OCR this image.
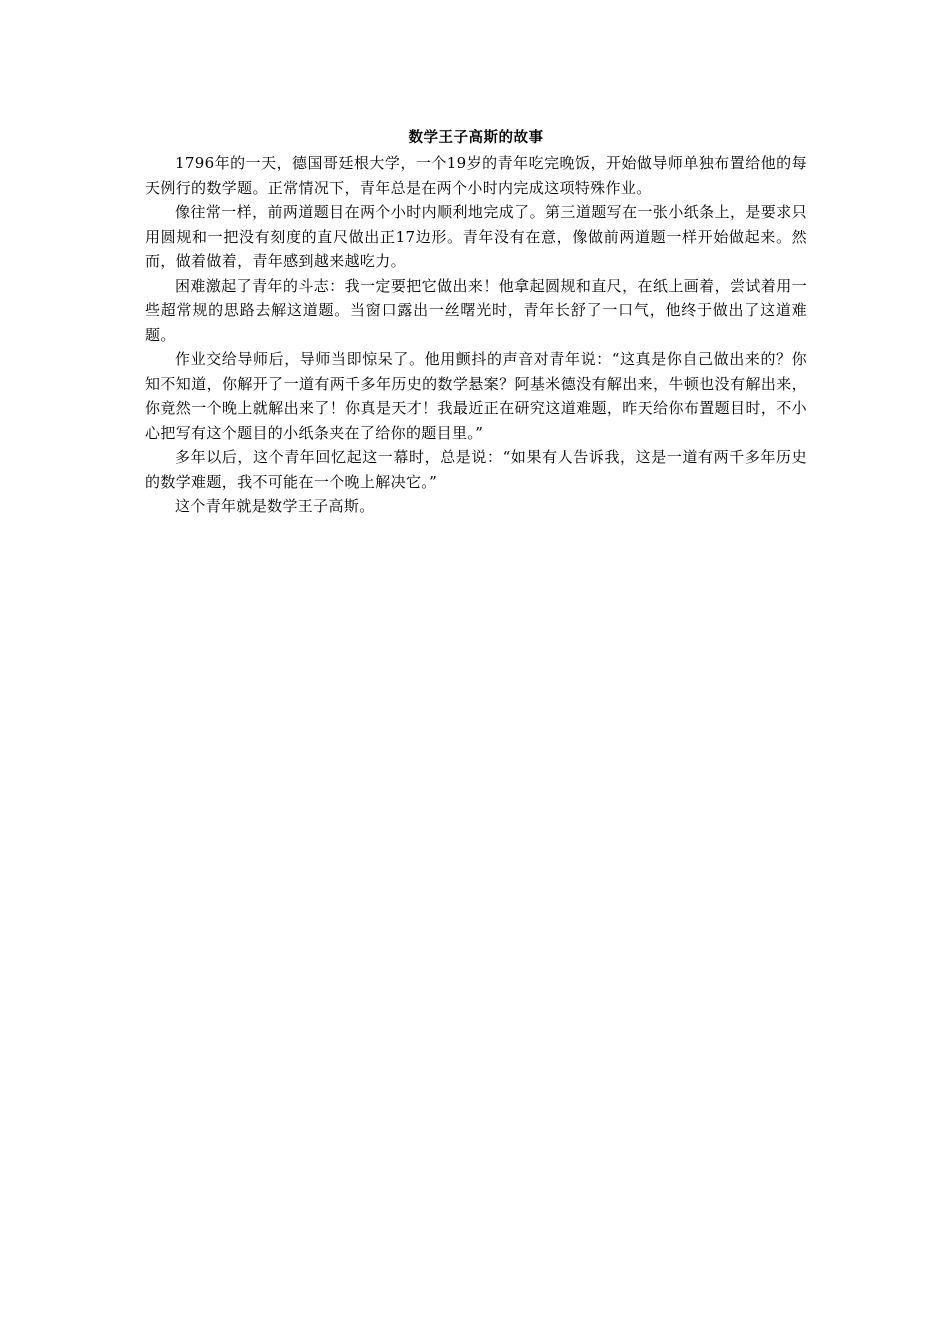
数学王子高斯的故事

1796年的一天，德国哥廷根大学，一个19岁的青年吃完晚饭，开始做导师单独布置给他的每天例行的数学题。正常情况下，青年总是在两个小时内完成这项特殊作业。

像往常一样，前两道题目在两个小时内顺利地完成了。第三道题写在一张小纸条上，是要求只用圆规和一把没有刻度的直尺做出正17边形。青年没有在意，像做前两道题一样开始做起来。然而，做着做着，青年感到越来越吃力。

困难激起了青年的斗志：我一定要把它做出来！他拿起圆规和直尺，在纸上画着，尝试着用一些超常规的思路去解这道题。当窗口露出一丝曙光时，青年长舒了一口气，他终于做出了这道难题。

作业交给导师后，导师当即惊呆了。他用颤抖的声音对青年说：“这真是你自己做出来的？你知不知道，你解开了一道有两千多年历史的数学悬案？阿基米德没有解出来，牛顿也没有解出来，你竟然一个晚上就解出来了！你真是天才！我最近正在研究这道难题，昨天给你布置题目时，不小心把写有这个题目的小纸条夹在了给你的题目里。”

多年以后，这个青年回忆起这一幕时，总是说：“如果有人告诉我，这是一道有两千多年历史的数学难题，我不可能在一个晚上解决它。”

这个青年就是数学王子高斯。
